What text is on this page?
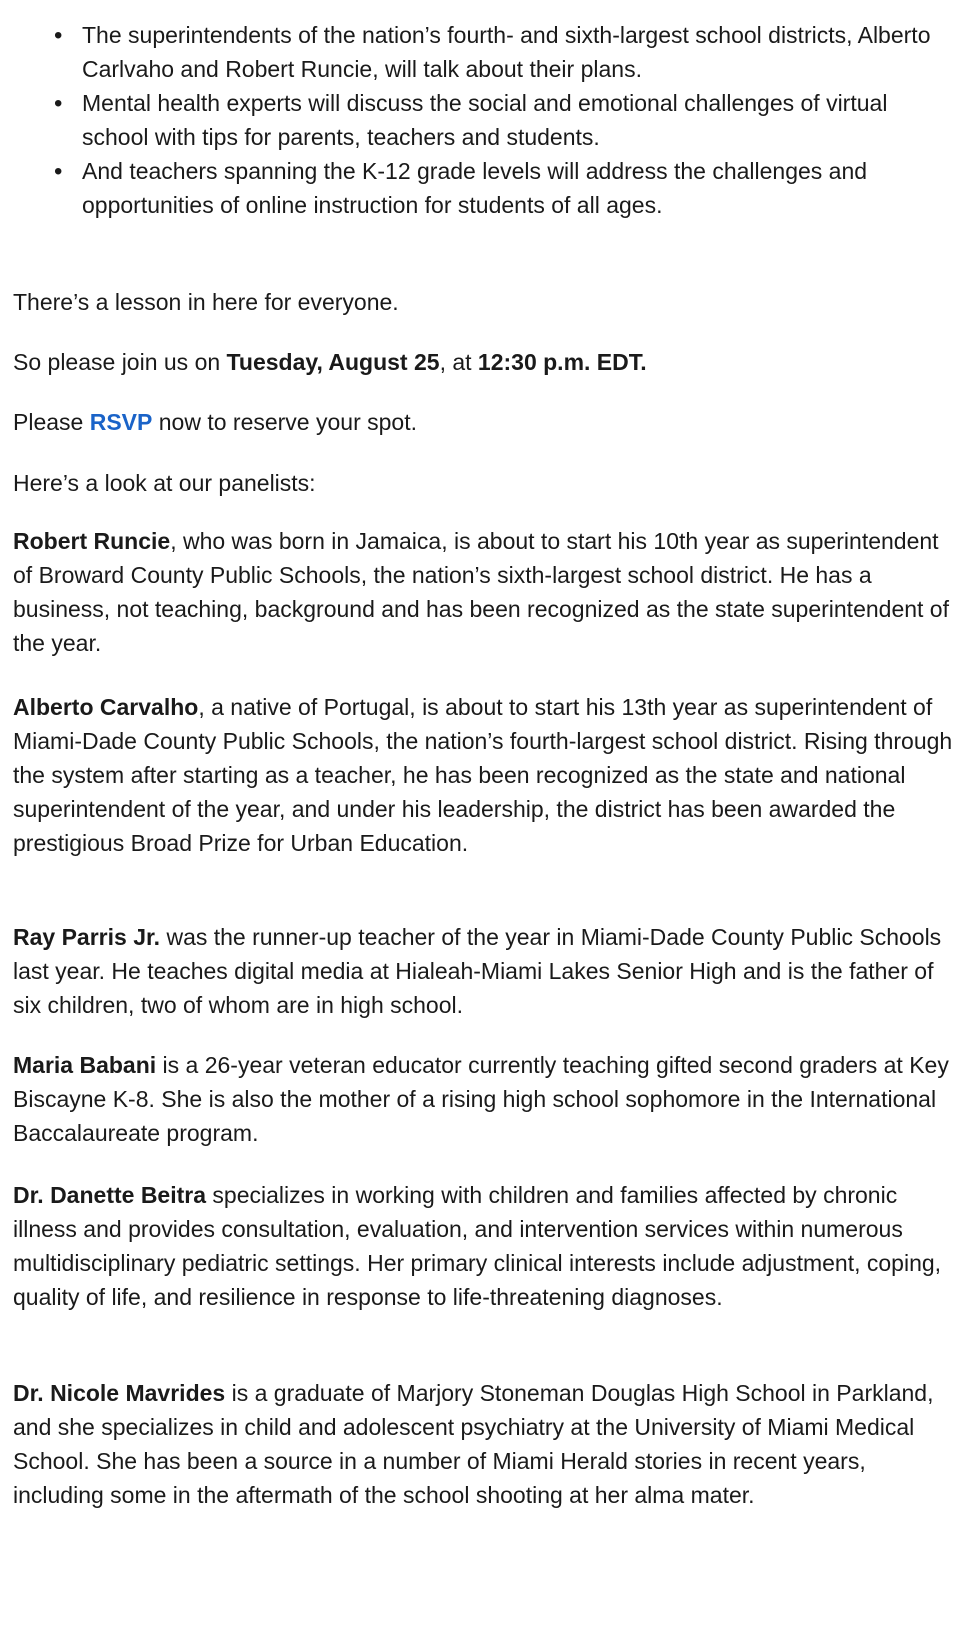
•
The superintendents of the nation’s fourth- and sixth-largest school districts, Alberto Carlvaho and Robert Runcie, will talk about their plans.
•
Mental health experts will discuss the social and emotional challenges of virtual school with tips for parents, teachers and students.
•
And teachers spanning the K-12 grade levels will address the challenges and opportunities of online instruction for students of all ages.

There’s a lesson in here for everyone.

So please join us on Tuesday, August 25, at 12:30 p.m. EDT.

Please RSVP now to reserve your spot.

Here’s a look at our panelists:

Robert Runcie, who was born in Jamaica, is about to start his 10th year as superintendent of Broward County Public Schools, the nation’s sixth-largest school district. He has a business, not teaching, background and has been recognized as the state superintendent of the year.

Alberto Carvalho, a native of Portugal, is about to start his 13th year as superintendent of Miami-Dade County Public Schools, the nation’s fourth-largest school district. Rising through the system after starting as a teacher, he has been recognized as the state and national superintendent of the year, and under his leadership, the district has been awarded the prestigious Broad Prize for Urban Education.

Ray Parris Jr. was the runner-up teacher of the year in Miami-Dade County Public Schools last year. He teaches digital media at Hialeah-Miami Lakes Senior High and is the father of six children, two of whom are in high school.

Maria Babani is a 26-year veteran educator currently teaching gifted second graders at Key Biscayne K-8. She is also the mother of a rising high school sophomore in the International Baccalaureate program.

Dr. Danette Beitra specializes in working with children and families affected by chronic illness and provides consultation, evaluation, and intervention services within numerous multidisciplinary pediatric settings. Her primary clinical interests include adjustment, coping, quality of life, and resilience in response to life-threatening diagnoses.

Dr. Nicole Mavrides is a graduate of Marjory Stoneman Douglas High School in Parkland, and she specializes in child and adolescent psychiatry at the University of Miami Medical School. She has been a source in a number of Miami Herald stories in recent years, including some in the aftermath of the school shooting at her alma mater.
